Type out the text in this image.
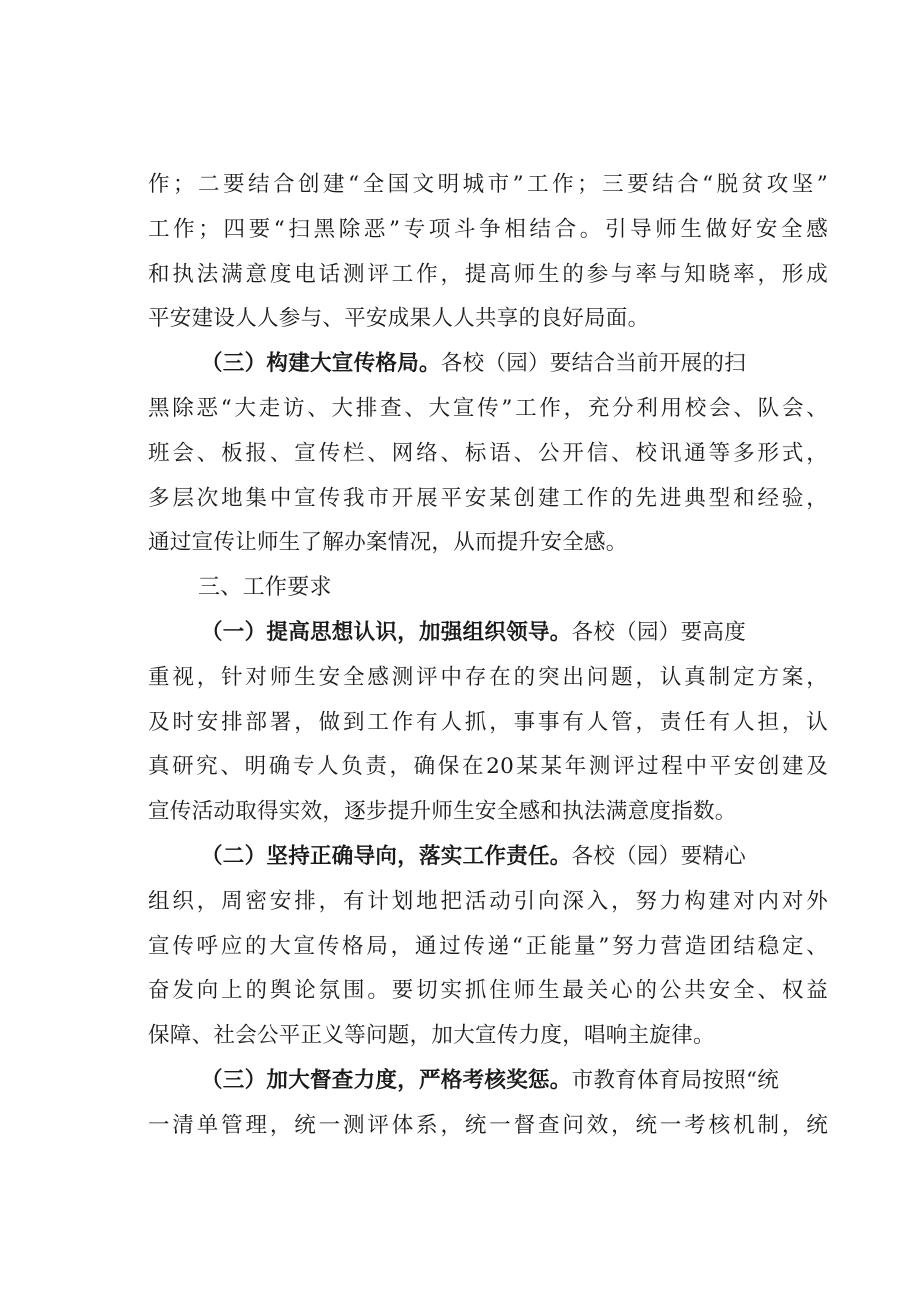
作；二要结合创建“全国文明城市”工作；三要结合“脱贫攻坚”
工作；四要“扫黑除恶”专项斗争相结合。引导师生做好安全感
和执法满意度电话测评工作，提高师生的参与率与知晓率，形成
平安建设人人参与、平安成果人人共享的良好局面。
（三）构建大宣传格局。各校（园）要结合当前开展的扫
黑除恶“大走访、大排查、大宣传”工作，充分利用校会、队会、
班会、板报、宣传栏、网络、标语、公开信、校讯通等多形式，
多层次地集中宣传我市开展平安某创建工作的先进典型和经验，
通过宣传让师生了解办案情况，从而提升安全感。
三、工作要求
（一）提高思想认识，加强组织领导。各校（园）要高度
重视，针对师生安全感测评中存在的突出问题，认真制定方案，
及时安排部署，做到工作有人抓，事事有人管，责任有人担，认
真研究、明确专人负责，确保在20某某年测评过程中平安创建及
宣传活动取得实效，逐步提升师生安全感和执法满意度指数。
（二）坚持正确导向，落实工作责任。各校（园）要精心
组织，周密安排，有计划地把活动引向深入，努力构建对内对外
宣传呼应的大宣传格局，通过传递“正能量”努力营造团结稳定、
奋发向上的舆论氛围。要切实抓住师生最关心的公共安全、权益
保障、社会公平正义等问题，加大宣传力度，唱响主旋律。
（三）加大督查力度，严格考核奖惩。市教育体育局按照“统
一清单管理，统一测评体系，统一督查问效，统一考核机制，统
